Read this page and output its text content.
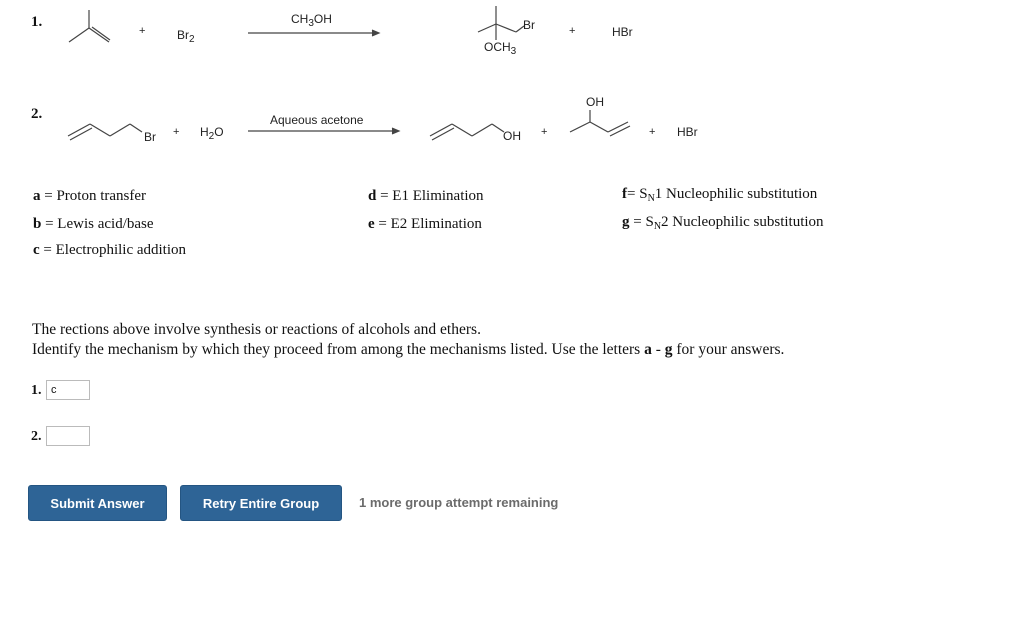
1.
+	$Br_2$
$CH_3OH$	Br
$OCH_3$
+	HBr
2.
$Br + H_2O$
Aqueous acetone
OH +
OH
+ HBr
a = Proton transfer
b = Lewis acid/base
c = Electrophilic addition
d = E1 Elimination
e = E2 Elimination
$f= S_N1$ Nucleophilic substitution
$g = S_N2$ Nucleophilic substitution
The rections above involve synthesis or reactions of alcohols and ethers.
Identify the mechanism by which they proceed from among the mechanisms listed. Use the letters a - g for your answers.
1.
c
2.
Submit Answer	Retry Entire Group	1 more group attempt remaining
